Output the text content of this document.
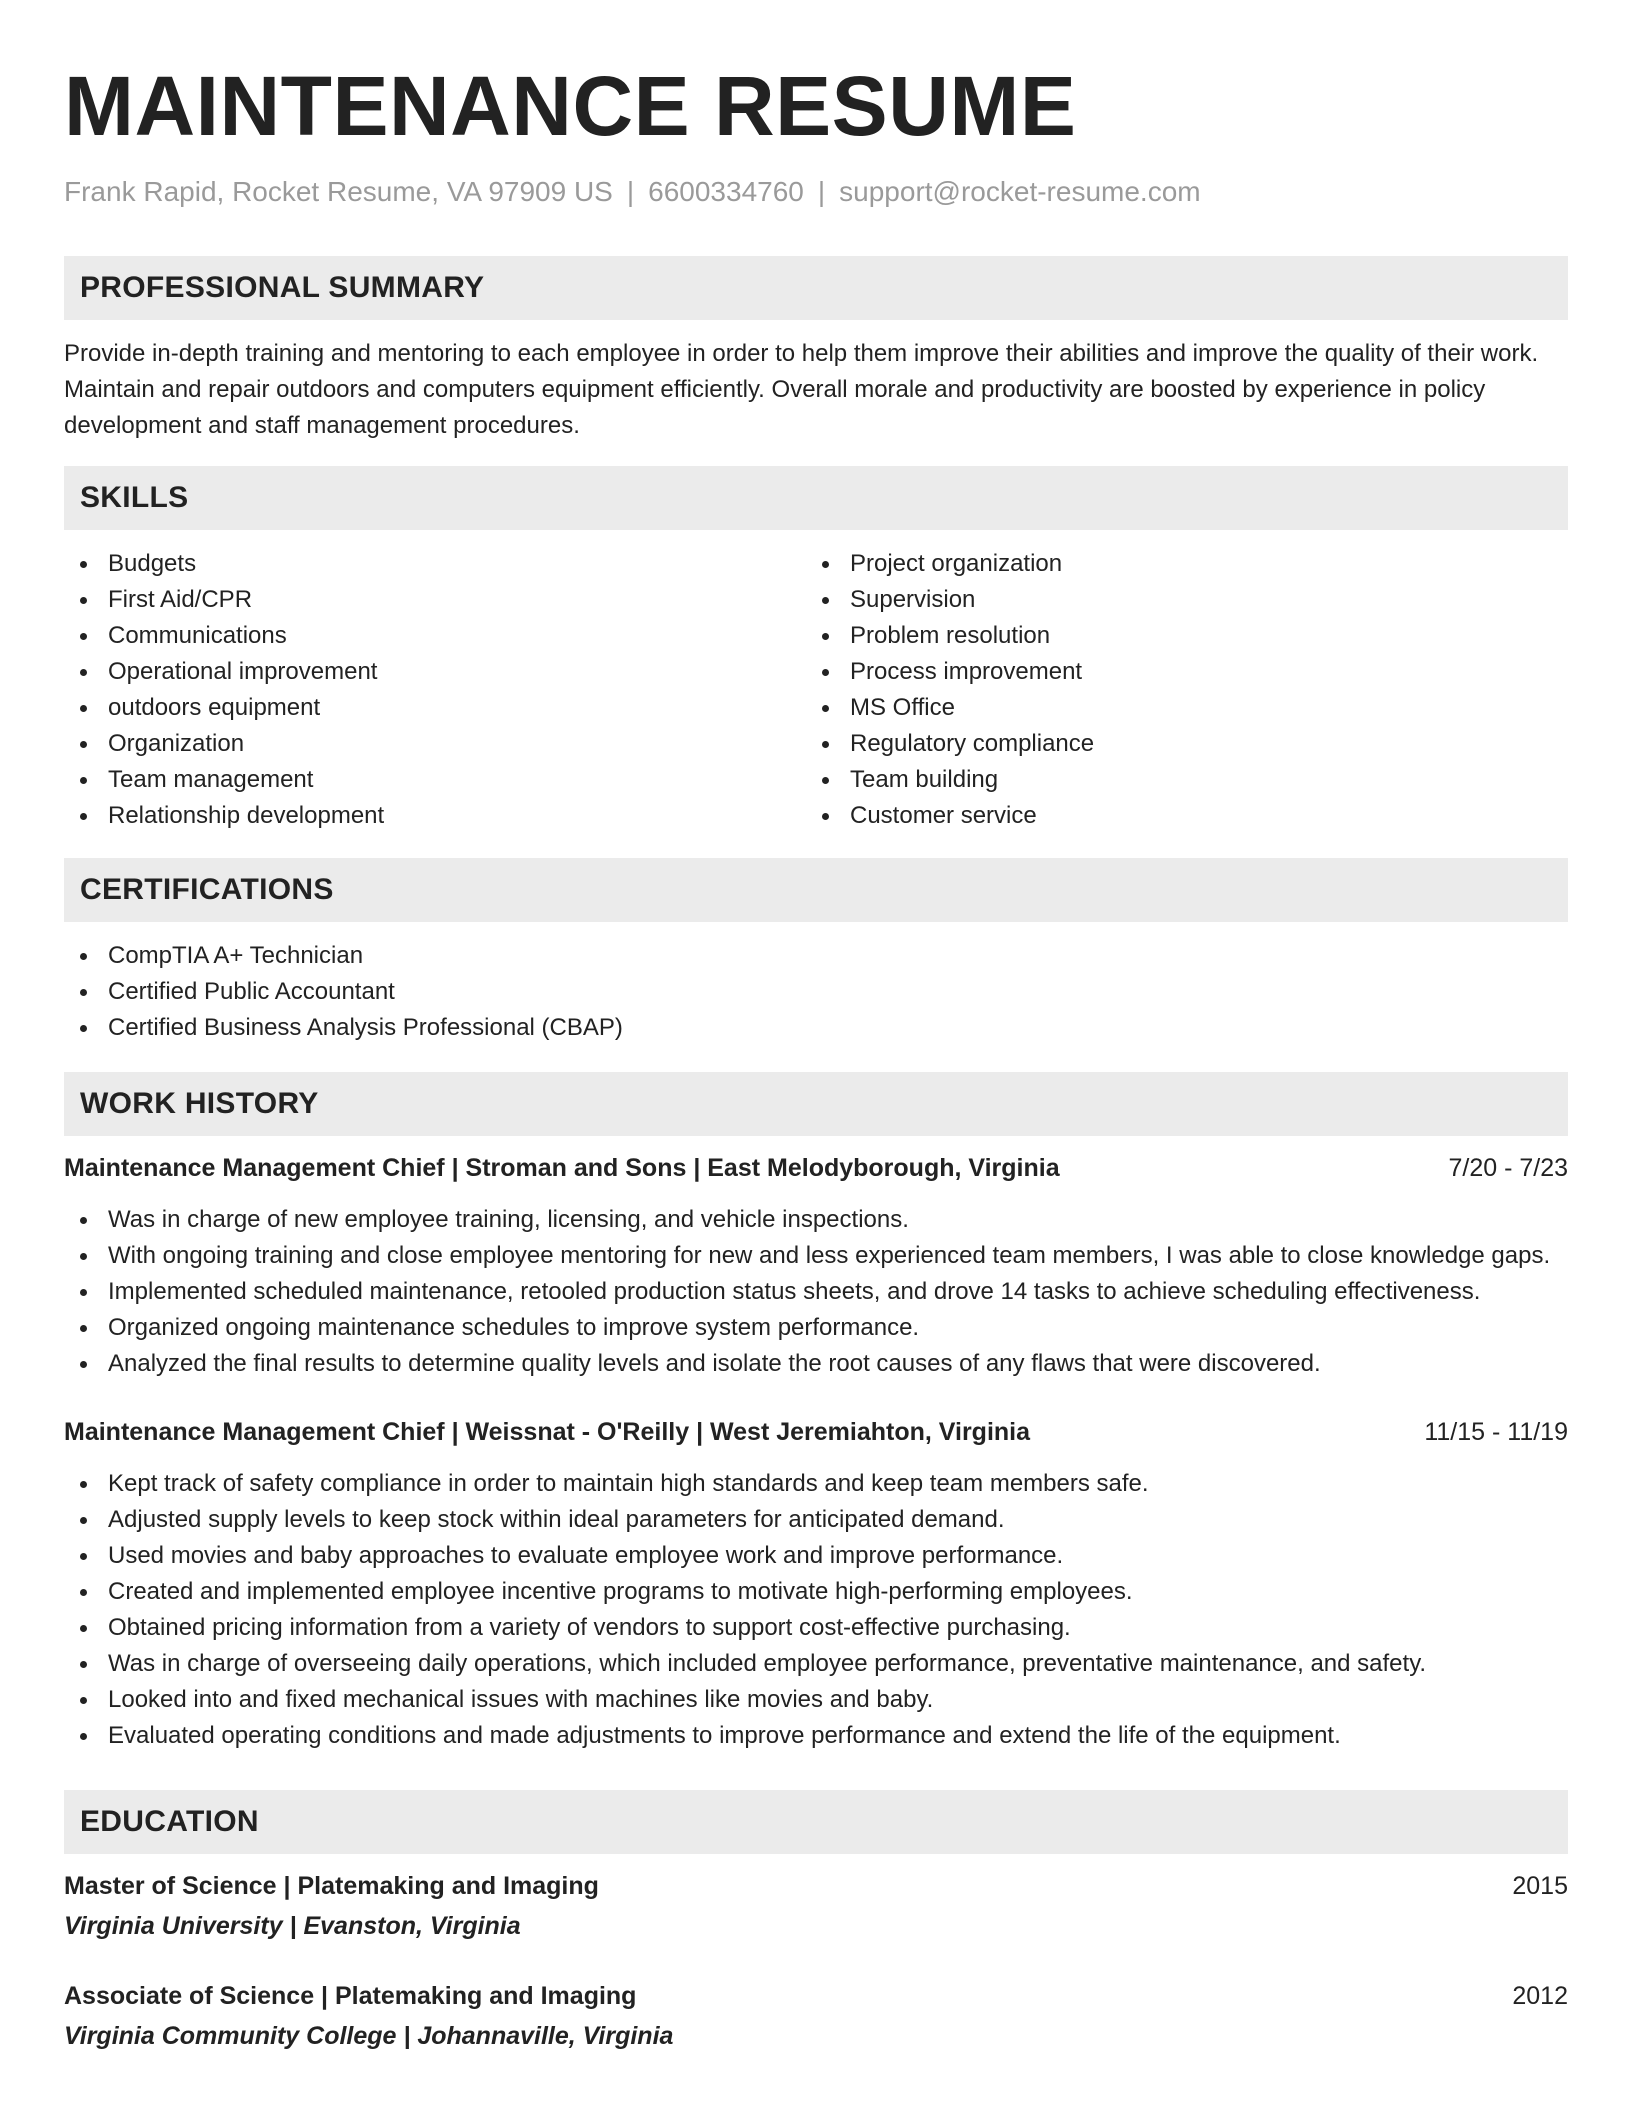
MAINTENANCE RESUME
Frank Rapid, Rocket Resume, VA 97909 US | 6600334760 | support@rocket-resume.com
PROFESSIONAL SUMMARY

Provide in-depth training and mentoring to each employee in order to help them improve their abilities and improve the quality of their work. Maintain and repair outdoors and computers equipment efficiently. Overall morale and productivity are boosted by experience in policy development and staff management procedures.

SKILLS
Budgets
First Aid/CPR
Communications
Operational improvement
outdoors equipment
Organization
Team management
Relationship development
Project organization
Supervision
Problem resolution
Process improvement
MS Office
Regulatory compliance
Team building
Customer service
CERTIFICATIONS
CompTIA A+ Technician
Certified Public Accountant
Certified Business Analysis Professional (CBAP)
WORK HISTORY
Maintenance Management Chief | Stroman and Sons | East Melodyborough, Virginia	7/20 - 7/23
Was in charge of new employee training, licensing, and vehicle inspections.
With ongoing training and close employee mentoring for new and less experienced team members, I was able to close knowledge gaps.
Implemented scheduled maintenance, retooled production status sheets, and drove 14 tasks to achieve scheduling effectiveness.
Organized ongoing maintenance schedules to improve system performance.
Analyzed the final results to determine quality levels and isolate the root causes of any flaws that were discovered.
Maintenance Management Chief | Weissnat - O'Reilly | West Jeremiahton, Virginia	11/15 - 11/19
Kept track of safety compliance in order to maintain high standards and keep team members safe.
Adjusted supply levels to keep stock within ideal parameters for anticipated demand.
Used movies and baby approaches to evaluate employee work and improve performance.
Created and implemented employee incentive programs to motivate high-performing employees.
Obtained pricing information from a variety of vendors to support cost-effective purchasing.
Was in charge of overseeing daily operations, which included employee performance, preventative maintenance, and safety.
Looked into and fixed mechanical issues with machines like movies and baby.
Evaluated operating conditions and made adjustments to improve performance and extend the life of the equipment.
EDUCATION
Master of Science | Platemaking and Imaging	2015
Virginia University | Evanston, Virginia
Associate of Science | Platemaking and Imaging	2012
Virginia Community College | Johannaville, Virginia
